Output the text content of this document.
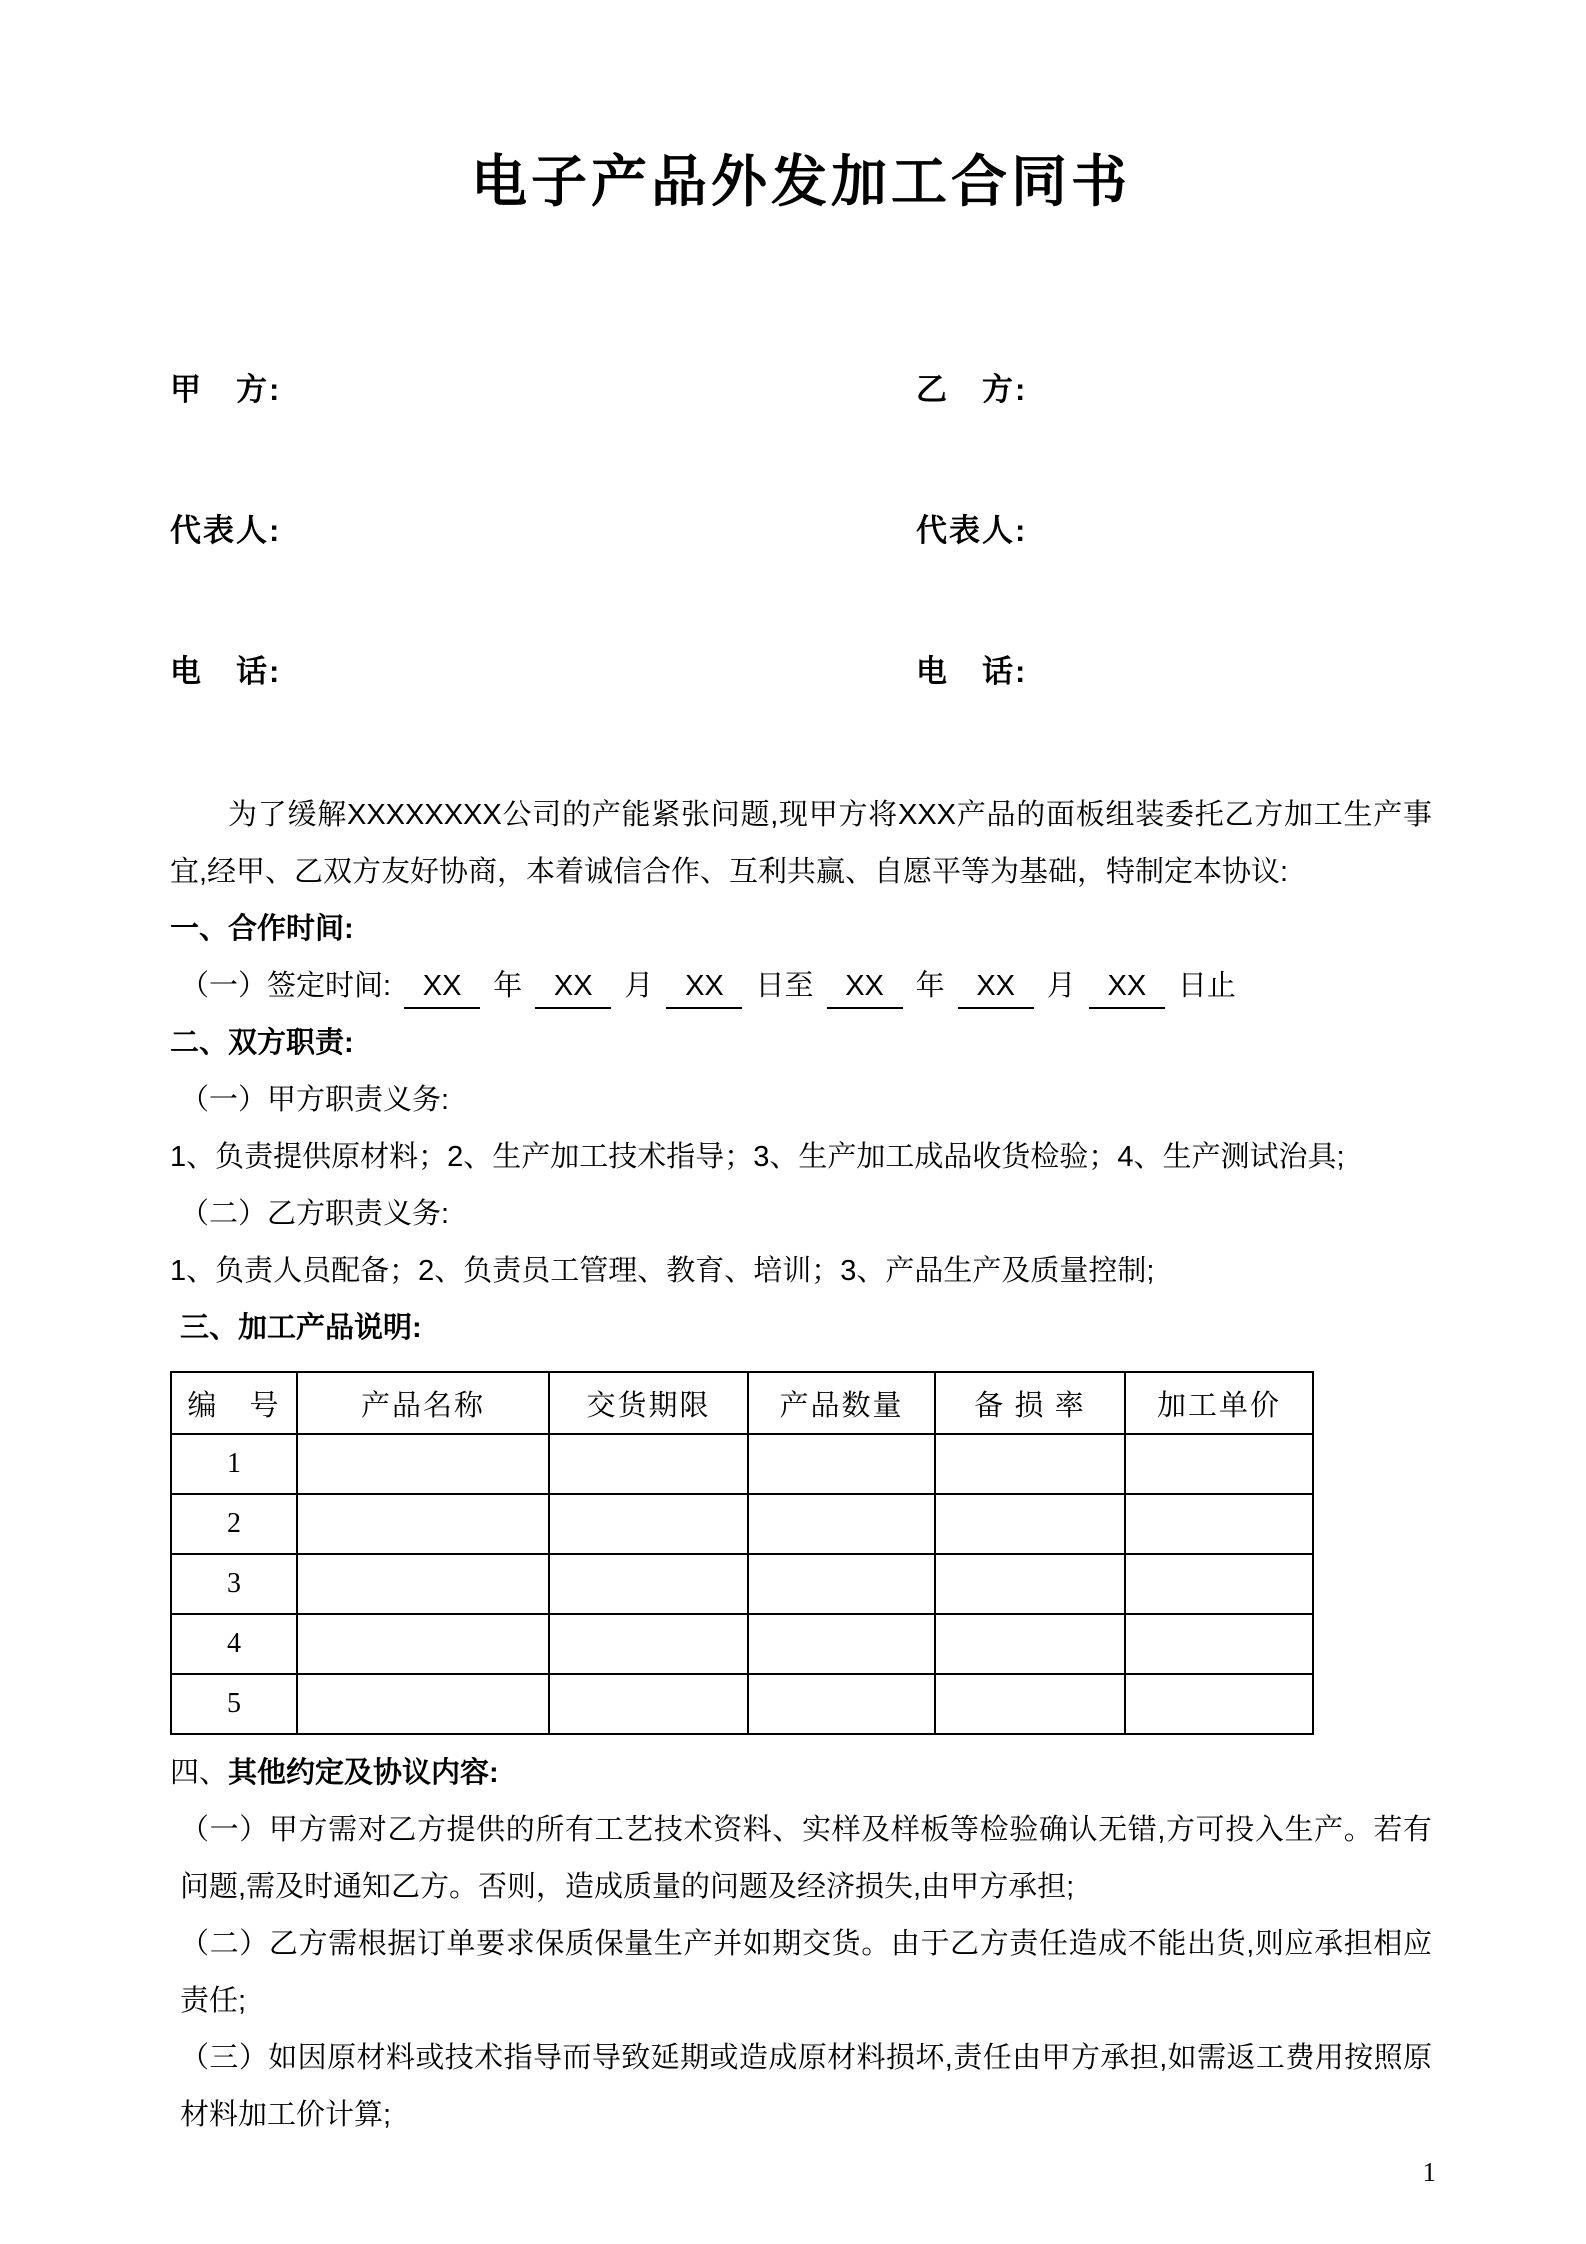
电子产品外发加工合同书
甲　方:	乙　方:
代表人:	代表人:
电　话:	电　话:

为了缓解XXXXXXXX公司的产能紧张问题,现甲方将XXX产品的面板组装委托乙方加工生产事宜,经甲、乙双方友好协商，本着诚信合作、互利共赢、自愿平等为基础，特制定本协议:

一、合作时间:

（一）签定时间: XX 年 XX 月 XX 日至 XX 年 XX 月 XX 日止

二、双方职责:

（一）甲方职责义务:

1、负责提供原材料；2、生产加工技术指导；3、生产加工成品收货检验；4、生产测试治具;

（二）乙方职责义务:

1、负责人员配备；2、负责员工管理、教育、培训；3、产品生产及质量控制;

三、加工产品说明:

编　号	产品名称	交货期限	产品数量	备 损 率	加工单价
1					
2					
3					
4					
5					

四、其他约定及协议内容:

（一）甲方需对乙方提供的所有工艺技术资料、实样及样板等检验确认无错,方可投入生产。若有问题,需及时通知乙方。否则，造成质量的问题及经济损失,由甲方承担;

（二）乙方需根据订单要求保质保量生产并如期交货。由于乙方责任造成不能出货,则应承担相应责任;

（三）如因原材料或技术指导而导致延期或造成原材料损坏,责任由甲方承担,如需返工费用按照原材料加工价计算;

1
